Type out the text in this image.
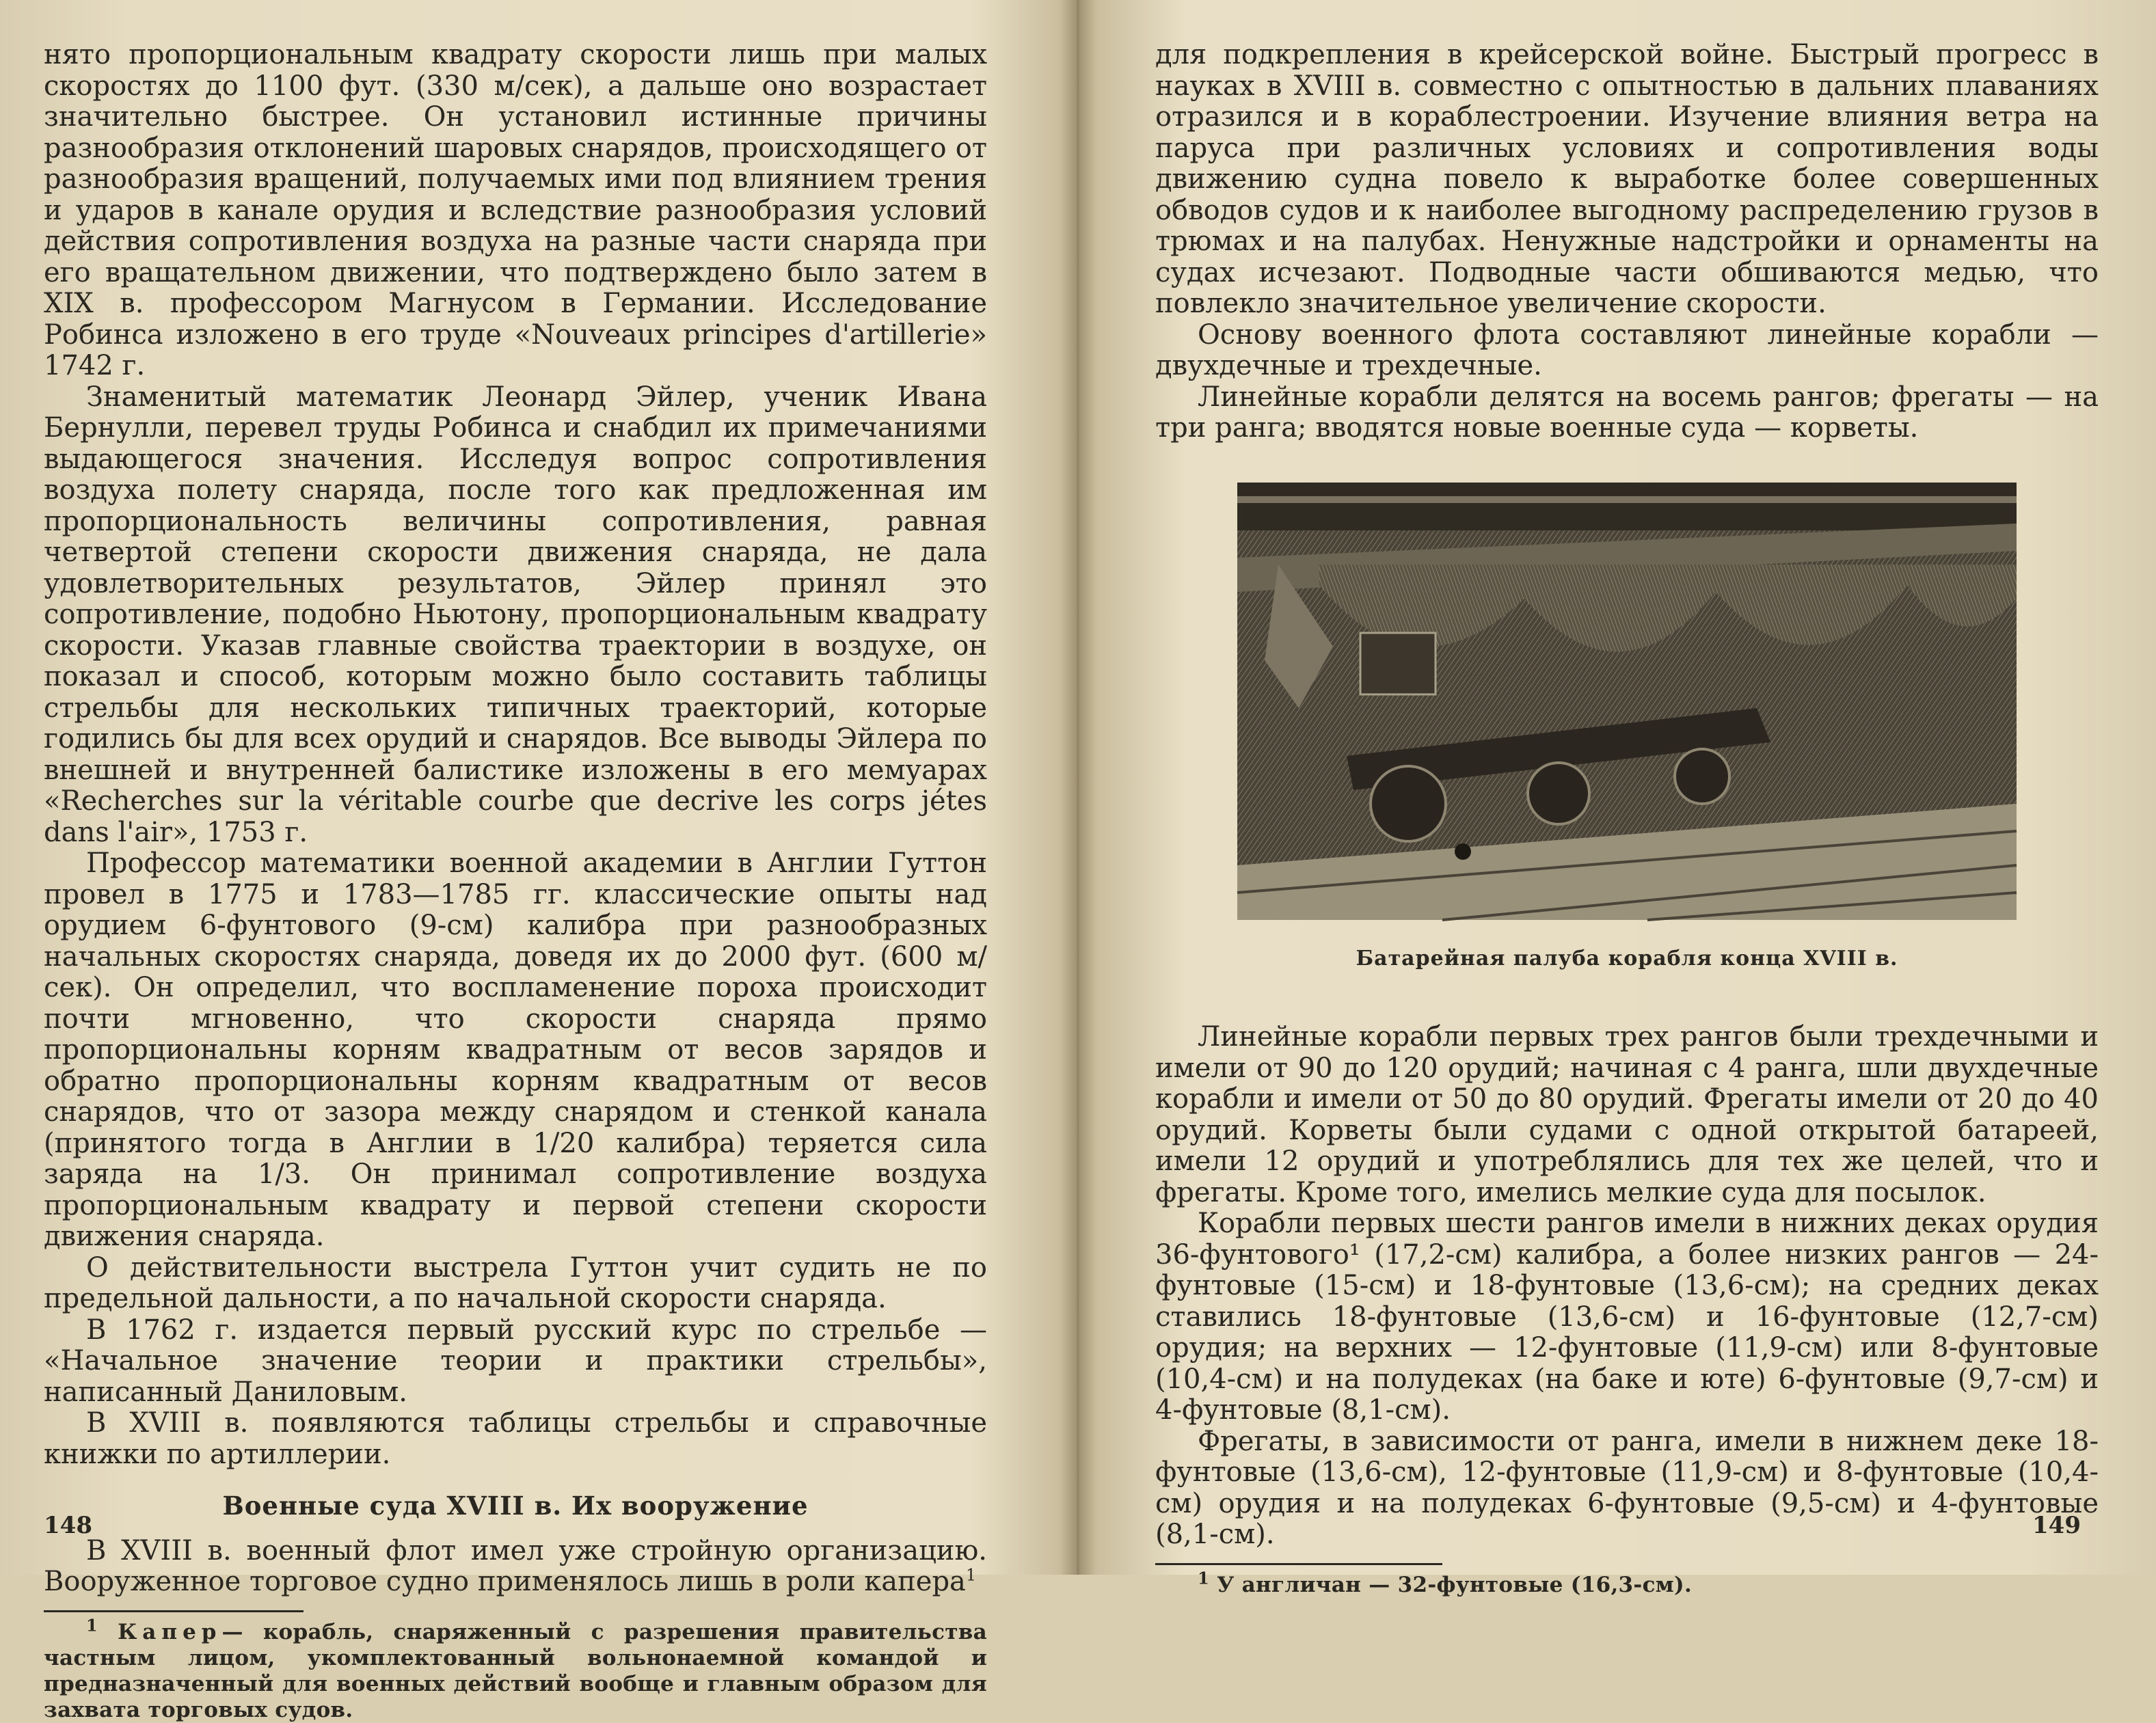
нято пропорциональным квадрату скорости лишь при малых скоростях до 1100 фут. (330 м/сек), а дальше оно возрастает значительно быстрее. Он установил истинные причины разнообразия отклонений шаровых снарядов, происходящего от разнообразия вращений, получаемых ими под влиянием трения и ударов в канале орудия и вследствие разнообразия условий действия сопротивления воздуха на разные части снаряда при его вращательном движении, что подтверждено было затем в XIX в. профессором Магнусом в Германии. Исследование Робинса изложено в его труде «Nouveaux principes d'artillerie» 1742 г.

Знаменитый математик Леонард Эйлер, ученик Ивана Бернулли, перевел труды Робинса и снабдил их примечаниями выдающегося значения. Исследуя вопрос сопротивления воздуха полету снаряда, после того как предложенная им пропорциональность величины сопротивления, равная четвертой степени скорости движения снаряда, не дала удовлетворительных результатов, Эйлер принял это сопротивление, подобно Ньютону, пропорциональным квадрату скорости. Указав главные свойства траектории в воздухе, он показал и способ, которым можно было составить таблицы стрельбы для нескольких типичных траекторий, которые годились бы для всех орудий и снарядов. Все выводы Эйлера по внешней и внутренней балистике изложены в его мемуарах «Recherches sur la véritable courbe que decrive les corps jétes dans l'air», 1753 г.

Профессор математики военной академии в Англии Гуттон провел в 1775 и 1783—1785 гг. классические опыты над орудием 6-фунтового (9-см) калибра при разнообразных начальных скоростях снаряда, доведя их до 2000 фут. (600 м/сек). Он определил, что воспламенение пороха происходит почти мгновенно, что скорости снаряда прямо пропорциональны корням квадратным от весов зарядов и обратно пропорциональны корням квадратным от весов снарядов, что от зазора между снарядом и стенкой канала (принятого тогда в Англии в 1/20 калибра) теряется сила заряда на 1/3. Он принимал сопротивление воздуха пропорциональным квадрату и первой степени скорости движения снаряда.

О действительности выстрела Гуттон учит судить не по предельной дальности, а по начальной скорости снаряда.

В 1762 г. издается первый русский курс по стрельбе — «Начальное значение теории и практики стрельбы», написанный Даниловым.

В XVIII в. появляются таблицы стрельбы и справочные книжки по артиллерии.

Военные суда XVIII в. Их вооружение

В XVIII в. военный флот имел уже стройную организацию. Вооруженное торговое судно применялось лишь в роли капера$^1$

$^1$ Капер— корабль, снаряженный с разрешения правительства частным лицом, укомплектованный вольнонаемной командой и предназначенный для военных действий вообще и главным образом для захвата торговых судов.

148

для подкрепления в крейсерской войне. Быстрый прогресс в науках в XVIII в. совместно с опытностью в дальних плаваниях отразился и в кораблестроении. Изучение влияния ветра на паруса при различных условиях и сопротивления воды движению судна повело к выработке более совершенных обводов судов и к наиболее выгодному распределению грузов в трюмах и на палубах. Ненужные надстройки и орнаменты на судах исчезают. Подводные части обшиваются медью, что повлекло значительное увеличение скорости.

Основу военного флота составляют линейные корабли — двухдечные и трехдечные.

Линейные корабли делятся на восемь рангов; фрегаты — на три ранга; вводятся новые военные суда — корветы.

Батарейная палуба корабля конца XVIII в.

Линейные корабли первых трех рангов были трехдечными и имели от 90 до 120 орудий; начиная с 4 ранга, шли двухдечные корабли и имели от 50 до 80 орудий. Фрегаты имели от 20 до 40 орудий. Корветы были судами с одной открытой батареей, имели 12 орудий и употреблялись для тех же целей, что и фрегаты. Кроме того, имелись мелкие суда для посылок.

Корабли первых шести рангов имели в нижних деках орудия 36-фунтового¹ (17,2-см) калибра, а более низких рангов — 24-фунтовые (15-см) и 18-фунтовые (13,6-см); на средних деках ставились 18-фунтовые (13,6-см) и 16-фунтовые (12,7-см) орудия; на верхних — 12-фунтовые (11,9-см) или 8-фунтовые (10,4-см) и на полудеках (на баке и юте) 6-фунтовые (9,7-см) и 4-фунтовые (8,1-см).

Фрегаты, в зависимости от ранга, имели в нижнем деке 18-фунтовые (13,6-см), 12-фунтовые (11,9-см) и 8-фунтовые (10,4-см) орудия и на полудеках 6-фунтовые (9,5-см) и 4-фунтовые (8,1-см).

$^1$ У англичан — 32-фунтовые (16,3-см).

149
